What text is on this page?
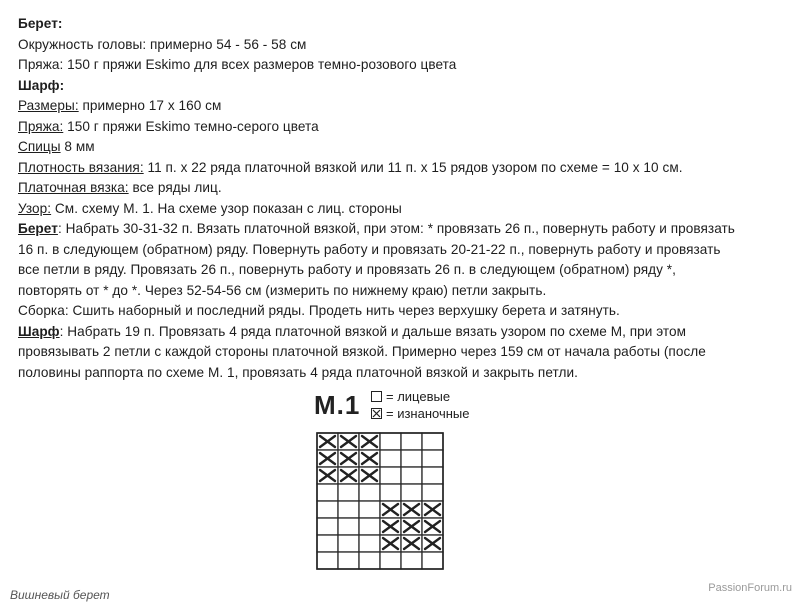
Берет:
Окружность головы: примерно 54 - 56 - 58 см
Пряжа: 150 г пряжи Eskimo для всех размеров темно-розового цвета
Шарф:
Размеры: примерно 17 х 160 см
Пряжа: 150 г пряжи Eskimo темно-серого цвета
Спицы 8 мм
Плотность вязания: 11 п. х 22 ряда платочной вязкой или 11 п. х 15 рядов узором по схеме = 10 х 10 см.
Платочная вязка: все ряды лиц.
Узор: См. схему М. 1. На схеме узор показан с лиц. стороны
Берет: Набрать 30-31-32 п. Вязать платочной вязкой, при этом: * провязать 26 п., повернуть работу и провязать
16 п. в следующем (обратном) ряду. Повернуть работу и провязать 20-21-22 п., повернуть работу и провязать
все петли в ряду. Провязать 26 п., повернуть работу и провязать 26 п. в следующем (обратном) ряду *,
повторять от * до *. Через 52-54-56 см (измерить по нижнему краю) петли закрыть.
Сборка: Сшить наборный и последний ряды. Продеть нить через верхушку берета и затянуть.
Шарф: Набрать 19 п. Провязать 4 ряда платочной вязкой и дальше вязать узором по схеме М, при этом
провязывать 2 петли с каждой стороны платочной вязкой. Примерно через 159 см от начала работы (после
половины раппорта по схеме М. 1, провязать 4 ряда платочной вязкой и закрыть петли.
М.1	= лицевые
= изнаночные
Вишневый берет	PassionForum.ru
